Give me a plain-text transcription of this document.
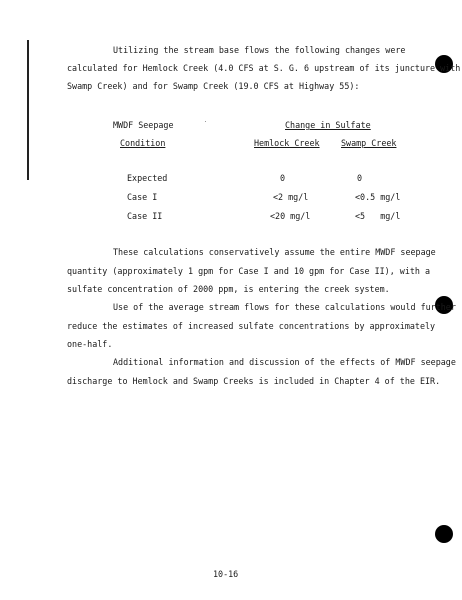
Utilizing the stream base flows the following changes were
calculated for Hemlock Creek (4.0 CFS at S. G. 6 upstream of its juncture with
Swamp Creek) and for Swamp Creek (19.0 CFS at Highway 55):
MWDF Seepage
Condition
Change in Sulfate
Hemlock Creek	Swamp Creek
Expected	0	0
Case I	<2 mg/l	<0.5 mg/l
Case II	<20 mg/l	<5   mg/l
These calculations conservatively assume the entire MWDF seepage
quantity (approximately 1 gpm for Case I and 10 gpm for Case II), with a
sulfate concentration of 2000 ppm, is entering the creek system.
Use of the average stream flows for these calculations would further
reduce the estimates of increased sulfate concentrations by approximately
one-half.
Additional information and discussion of the effects of MWDF seepage
discharge to Hemlock and Swamp Creeks is included in Chapter 4 of the EIR.
10-16
